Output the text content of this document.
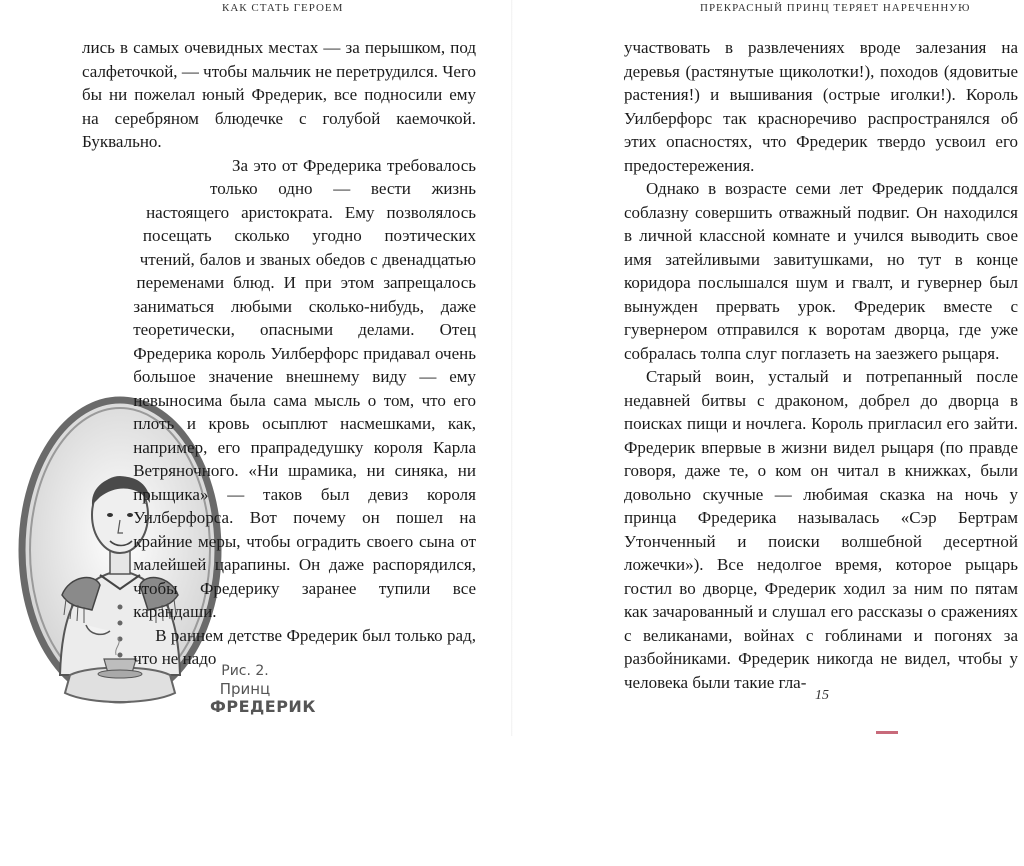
КАК СТАТЬ ГЕРОЕМ	ПРЕКРАСНЫЙ ПРИНЦ ТЕРЯЕТ НАРЕЧЕННУЮ
Рис. 2.
Принц
ФРЕДЕРИК

лись в самых очевидных местах — за перышком, под салфеточкой, — чтобы мальчик не перетрудился. Чего бы ни пожелал юный Фредерик, все подносили ему на серебряном блюдечке с голубой каемочкой. Буквально.

За это от Фредерика требовалось только одно — вести жизнь настоящего аристократа. Ему позволялось посещать сколько угодно поэтических чтений, балов и званых обедов с двенадцатью переменами блюд. И при этом запрещалось заниматься любыми сколько-нибудь, даже теоретически, опасными делами. Отец Фредерика король Уилберфорс придавал очень большое значение внешнему виду — ему невыносима была сама мысль о том, что его плоть и кровь осыплют насмешками, как, например, его прапрадедушку короля Карла Ветряночного. «Ни шрамика, ни синяка, ни прыщика» — таков был девиз короля Уилберфорса. Вот почему он пошел на крайние меры, чтобы оградить своего сына от малейшей царапины. Он даже распорядился, чтобы Фредерику заранее тупили все карандаши.

В раннем детстве Фредерик был только рад, что не надо

участвовать в развлечениях вроде залезания на деревья (растянутые щиколотки!), походов (ядовитые растения!) и вышивания (острые иголки!). Король Уилберфорс так красноречиво распространялся об этих опасностях, что Фредерик твердо усвоил его предостережения.

Однако в возрасте семи лет Фредерик поддался соблазну совершить отважный подвиг. Он находился в личной классной комнате и учился выводить свое имя затейливыми завитушками, но тут в конце коридора послышался шум и гвалт, и гувернер был вынужден прервать урок. Фредерик вместе с гувернером отправился к воротам дворца, где уже собралась толпа слуг поглазеть на заезжего рыцаря.

Старый воин, усталый и потрепанный после недавней битвы с драконом, добрел до дворца в поисках пищи и ночлега. Король пригласил его зайти. Фредерик впервые в жизни видел рыцаря (по правде говоря, даже те, о ком он читал в книжках, были довольно скучные — любимая сказка на ночь у принца Фредерика называлась «Сэр Бертрам Утонченный и поиски волшебной десертной ложечки»). Все недолгое время, которое рыцарь гостил во дворце, Фредерик ходил за ним по пятам как зачарованный и слушал его рассказы о сражениях с великанами, войнах с гоблинами и погонях за разбойниками. Фредерик никогда не видел, чтобы у человека были такие гла-

15
